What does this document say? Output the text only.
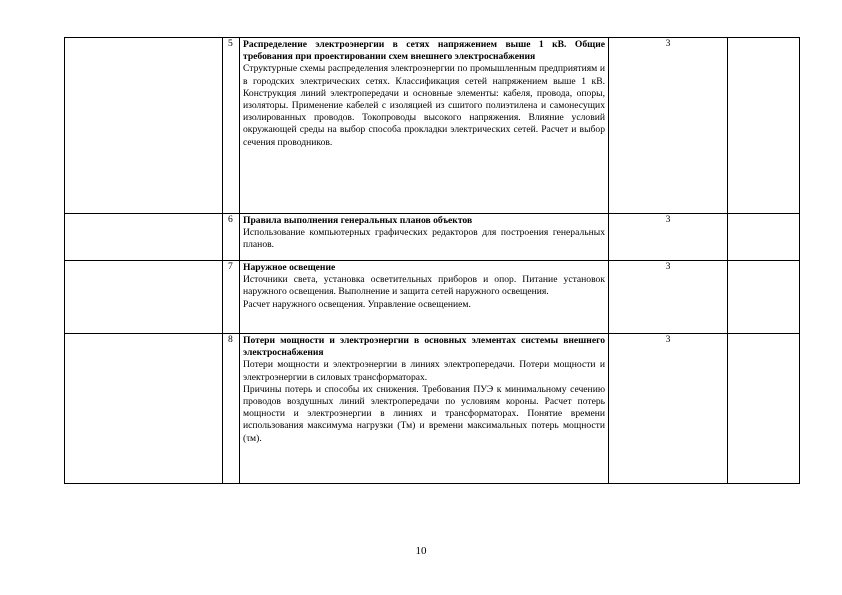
	5	Распределение электроэнергии в сетях напряжением выше 1 кВ. Общие требования при проектировании схем внешнего электроснабжения
Структурные схемы распределения электроэнергии по промышленным предприятиям и в городских электрических сетях. Классификация сетей напряжением выше 1 кВ. Конструкция линий электропередачи и основные элементы: кабеля, провода, опоры, изоляторы. Применение кабелей с изоляцией из сшитого полиэтилена и самонесущих изолированных проводов. Токопроводы высокого напряжения. Влияние условий окружающей среды на выбор способа прокладки электрических сетей. Расчет и выбор сечения проводников.	3	
	6	Правила выполнения генеральных планов объектов
Использование компьютерных графических редакторов для построения генеральных планов.	3	
	7	Наружное освещение
Источники света, установка осветительных приборов и опор. Питание установок наружного освещения. Выполнение и защита сетей наружного освещения.
Расчет наружного освещения. Управление освещением.	3	
	8	Потери мощности и электроэнергии в основных элементах системы внешнего электроснабжения
Потери мощности и электроэнергии в линиях электропередачи. Потери мощности и электроэнергии в силовых трансформаторах.
Причины потерь и способы их снижения. Требования ПУЭ к минимальному сечению проводов воздушных линий электропередачи по условиям короны. Расчет потерь мощности и электроэнергии в линиях и трансформаторах. Понятие времени использования максимума нагрузки (Тм) и времени максимальных потерь мощности (τм).	3	
10
